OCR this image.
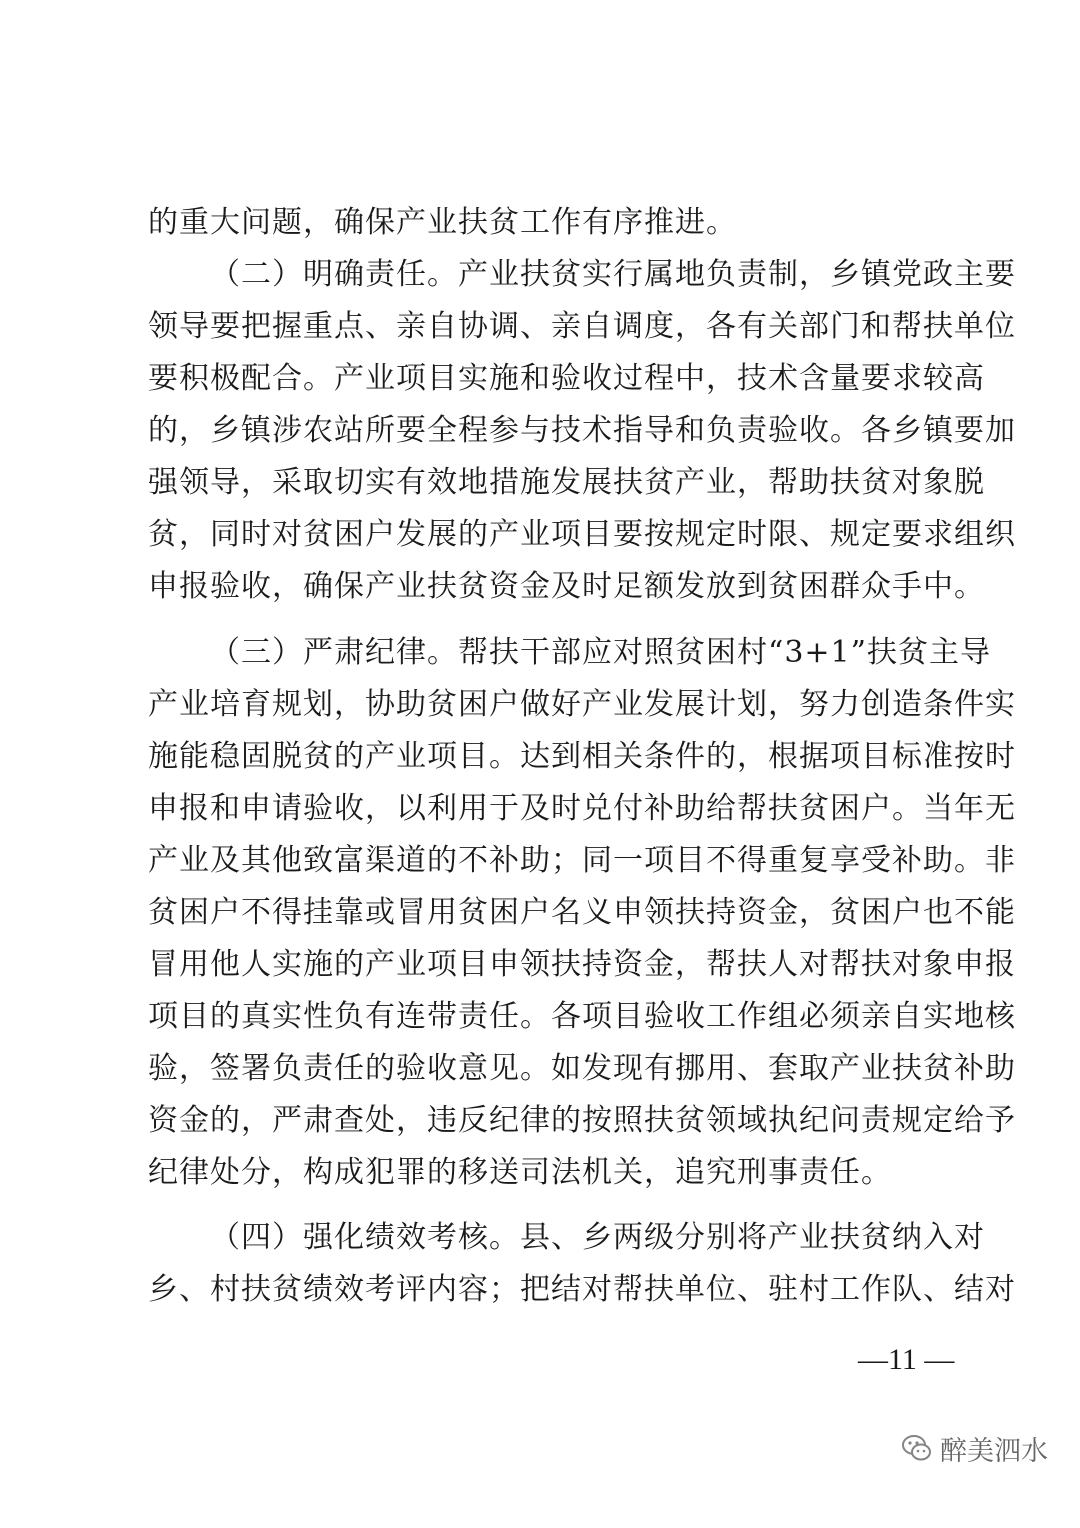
的重大问题，确保产业扶贫工作有序推进。
（二）明确责任。产业扶贫实行属地负责制，乡镇党政主要
领导要把握重点、亲自协调、亲自调度，各有关部门和帮扶单位
要积极配合。产业项目实施和验收过程中，技术含量要求较高
的，乡镇涉农站所要全程参与技术指导和负责验收。各乡镇要加
强领导，采取切实有效地措施发展扶贫产业，帮助扶贫对象脱
贫，同时对贫困户发展的产业项目要按规定时限、规定要求组织
申报验收，确保产业扶贫资金及时足额发放到贫困群众手中。
（三）严肃纪律。帮扶干部应对照贫困村“3+1”扶贫主导
产业培育规划，协助贫困户做好产业发展计划，努力创造条件实
施能稳固脱贫的产业项目。达到相关条件的，根据项目标准按时
申报和申请验收，以利用于及时兑付补助给帮扶贫困户。当年无
产业及其他致富渠道的不补助；同一项目不得重复享受补助。非
贫困户不得挂靠或冒用贫困户名义申领扶持资金，贫困户也不能
冒用他人实施的产业项目申领扶持资金，帮扶人对帮扶对象申报
项目的真实性负有连带责任。各项目验收工作组必须亲自实地核
验，签署负责任的验收意见。如发现有挪用、套取产业扶贫补助
资金的，严肃查处，违反纪律的按照扶贫领域执纪问责规定给予
纪律处分，构成犯罪的移送司法机关，追究刑事责任。
（四）强化绩效考核。县、乡两级分别将产业扶贫纳入对
乡、村扶贫绩效考评内容；把结对帮扶单位、驻村工作队、结对
—11 —
醉美泗水
